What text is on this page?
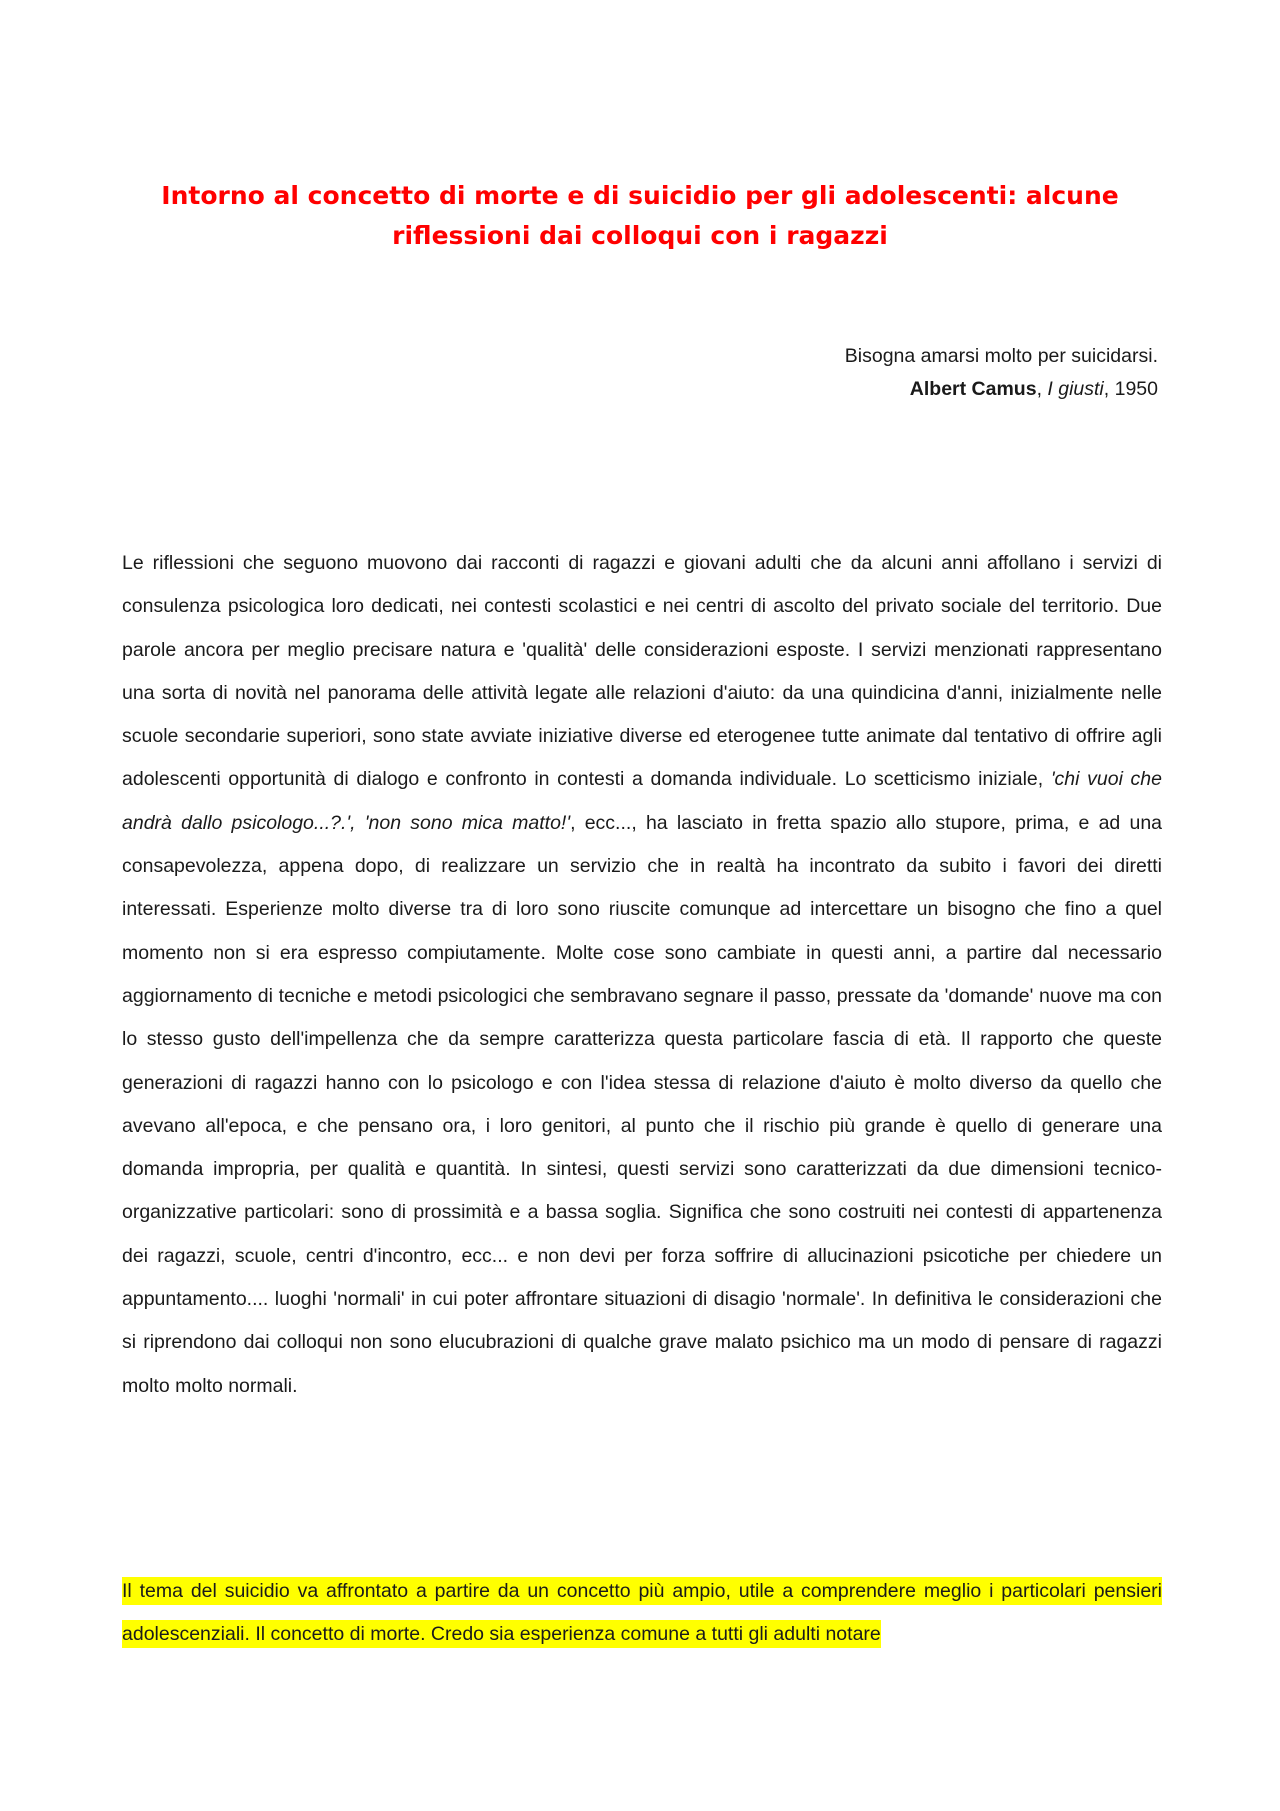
Intorno al concetto di morte e di suicidio per gli adolescenti: alcune riflessioni dai colloqui con i ragazzi
Bisogna amarsi molto per suicidarsi.
Albert Camus, I giusti, 1950

Le riflessioni che seguono muovono dai racconti di ragazzi e giovani adulti che da alcuni anni affollano i servizi di consulenza psicologica loro dedicati, nei contesti scolastici e nei centri di ascolto del privato sociale del territorio. Due parole ancora per meglio precisare natura e 'qualità' delle considerazioni esposte. I servizi menzionati rappresentano una sorta di novità nel panorama delle attività legate alle relazioni d'aiuto: da una quindicina d'anni, inizialmente nelle scuole secondarie superiori, sono state avviate iniziative diverse ed eterogenee tutte animate dal tentativo di offrire agli adolescenti opportunità di dialogo e confronto in contesti a domanda individuale. Lo scetticismo iniziale, 'chi vuoi che andrà dallo psicologo...?.', 'non sono mica matto!', ecc..., ha lasciato in fretta spazio allo stupore, prima, e ad una consapevolezza, appena dopo, di realizzare un servizio che in realtà ha incontrato da subito i favori dei diretti interessati. Esperienze molto diverse tra di loro sono riuscite comunque ad intercettare un bisogno che fino a quel momento non si era espresso compiutamente. Molte cose sono cambiate in questi anni, a partire dal necessario aggiornamento di tecniche e metodi psicologici che sembravano segnare il passo, pressate da 'domande' nuove ma con lo stesso gusto dell'impellenza che da sempre caratterizza questa particolare fascia di età. Il rapporto che queste generazioni di ragazzi hanno con lo psicologo e con l'idea stessa di relazione d'aiuto è molto diverso da quello che avevano all'epoca, e che pensano ora, i loro genitori, al punto che il rischio più grande è quello di generare una domanda impropria, per qualità e quantità. In sintesi, questi servizi sono caratterizzati da due dimensioni tecnico-organizzative particolari: sono di prossimità e a bassa soglia. Significa che sono costruiti nei contesti di appartenenza dei ragazzi, scuole, centri d'incontro, ecc... e non devi per forza soffrire di allucinazioni psicotiche per chiedere un appuntamento.... luoghi 'normali' in cui poter affrontare situazioni di disagio 'normale'. In definitiva le considerazioni che si riprendono dai colloqui non sono elucubrazioni di qualche grave malato psichico ma un modo di pensare di ragazzi molto molto normali.

Il tema del suicidio va affrontato a partire da un concetto più ampio, utile a comprendere meglio i particolari pensieri adolescenziali. Il concetto di morte. Credo sia esperienza comune a tutti gli adulti notare
